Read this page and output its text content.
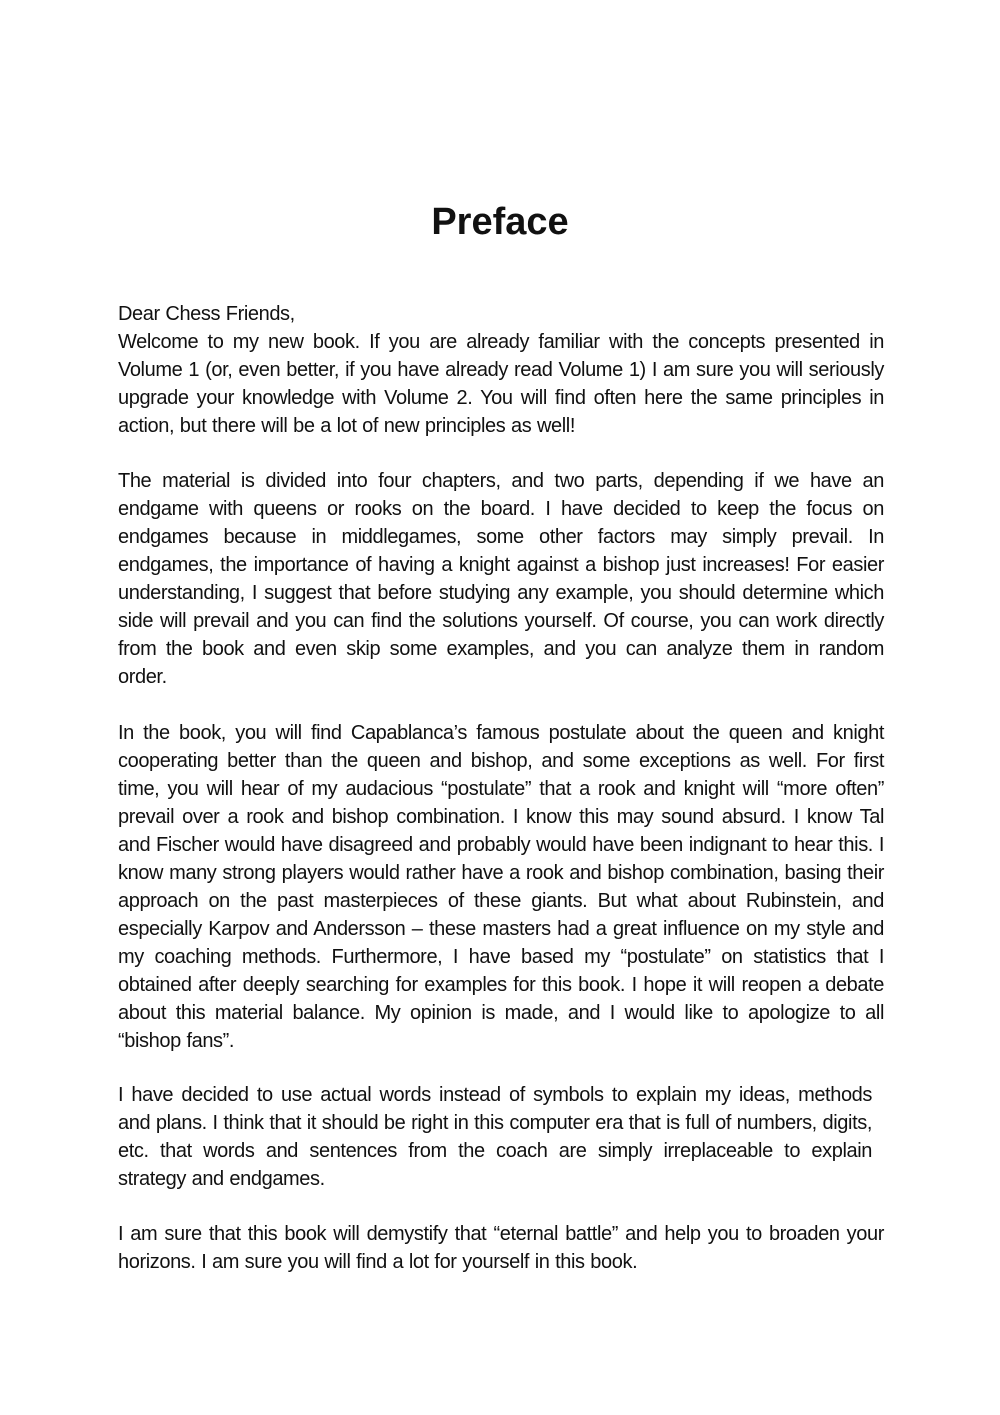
Preface

Dear Chess Friends,

Welcome to my new book. If you are already familiar with the concepts presented in Volume 1 (or, even better, if you have already read Volume 1) I am sure you will seriously upgrade your knowledge with Volume 2. You will find often here the same principles in action, but there will be a lot of new principles as well!

The material is divided into four chapters, and two parts, depending if we have an endgame with queens or rooks on the board. I have decided to keep the focus on endgames because in middlegames, some other factors may simply prevail. In endgames, the importance of having a knight against a bishop just increases! For easier understanding, I suggest that before studying any example, you should determine which side will prevail and you can find the solutions yourself. Of course, you can work directly from the book and even skip some examples, and you can analyze them in random order.

In the book, you will find Capablanca’s famous postulate about the queen and knight cooperating better than the queen and bishop, and some exceptions as well. For first time, you will hear of my audacious “postulate” that a rook and knight will “more often” prevail over a rook and bishop combination. I know this may sound absurd. I know Tal and Fischer would have disagreed and probably would have been indignant to hear this. I know many strong players would rather have a rook and bishop combination, basing their approach on the past masterpieces of these giants. But what about Rubinstein, and especially Karpov and Andersson – these masters had a great influence on my style and my coaching methods. Furthermore, I have based my “postulate” on statistics that I obtained after deeply searching for examples for this book. I hope it will reopen a debate about this material balance. My opinion is made, and I would like to apologize to all “bishop fans”.

I have decided to use actual words instead of symbols to explain my ideas, methods and plans. I think that it should be right in this computer era that is full of numbers, digits, etc. that words and sentences from the coach are simply irreplaceable to explain strategy and endgames.

I am sure that this book will demystify that “eternal battle” and help you to broaden your horizons. I am sure you will find a lot for yourself in this book.
